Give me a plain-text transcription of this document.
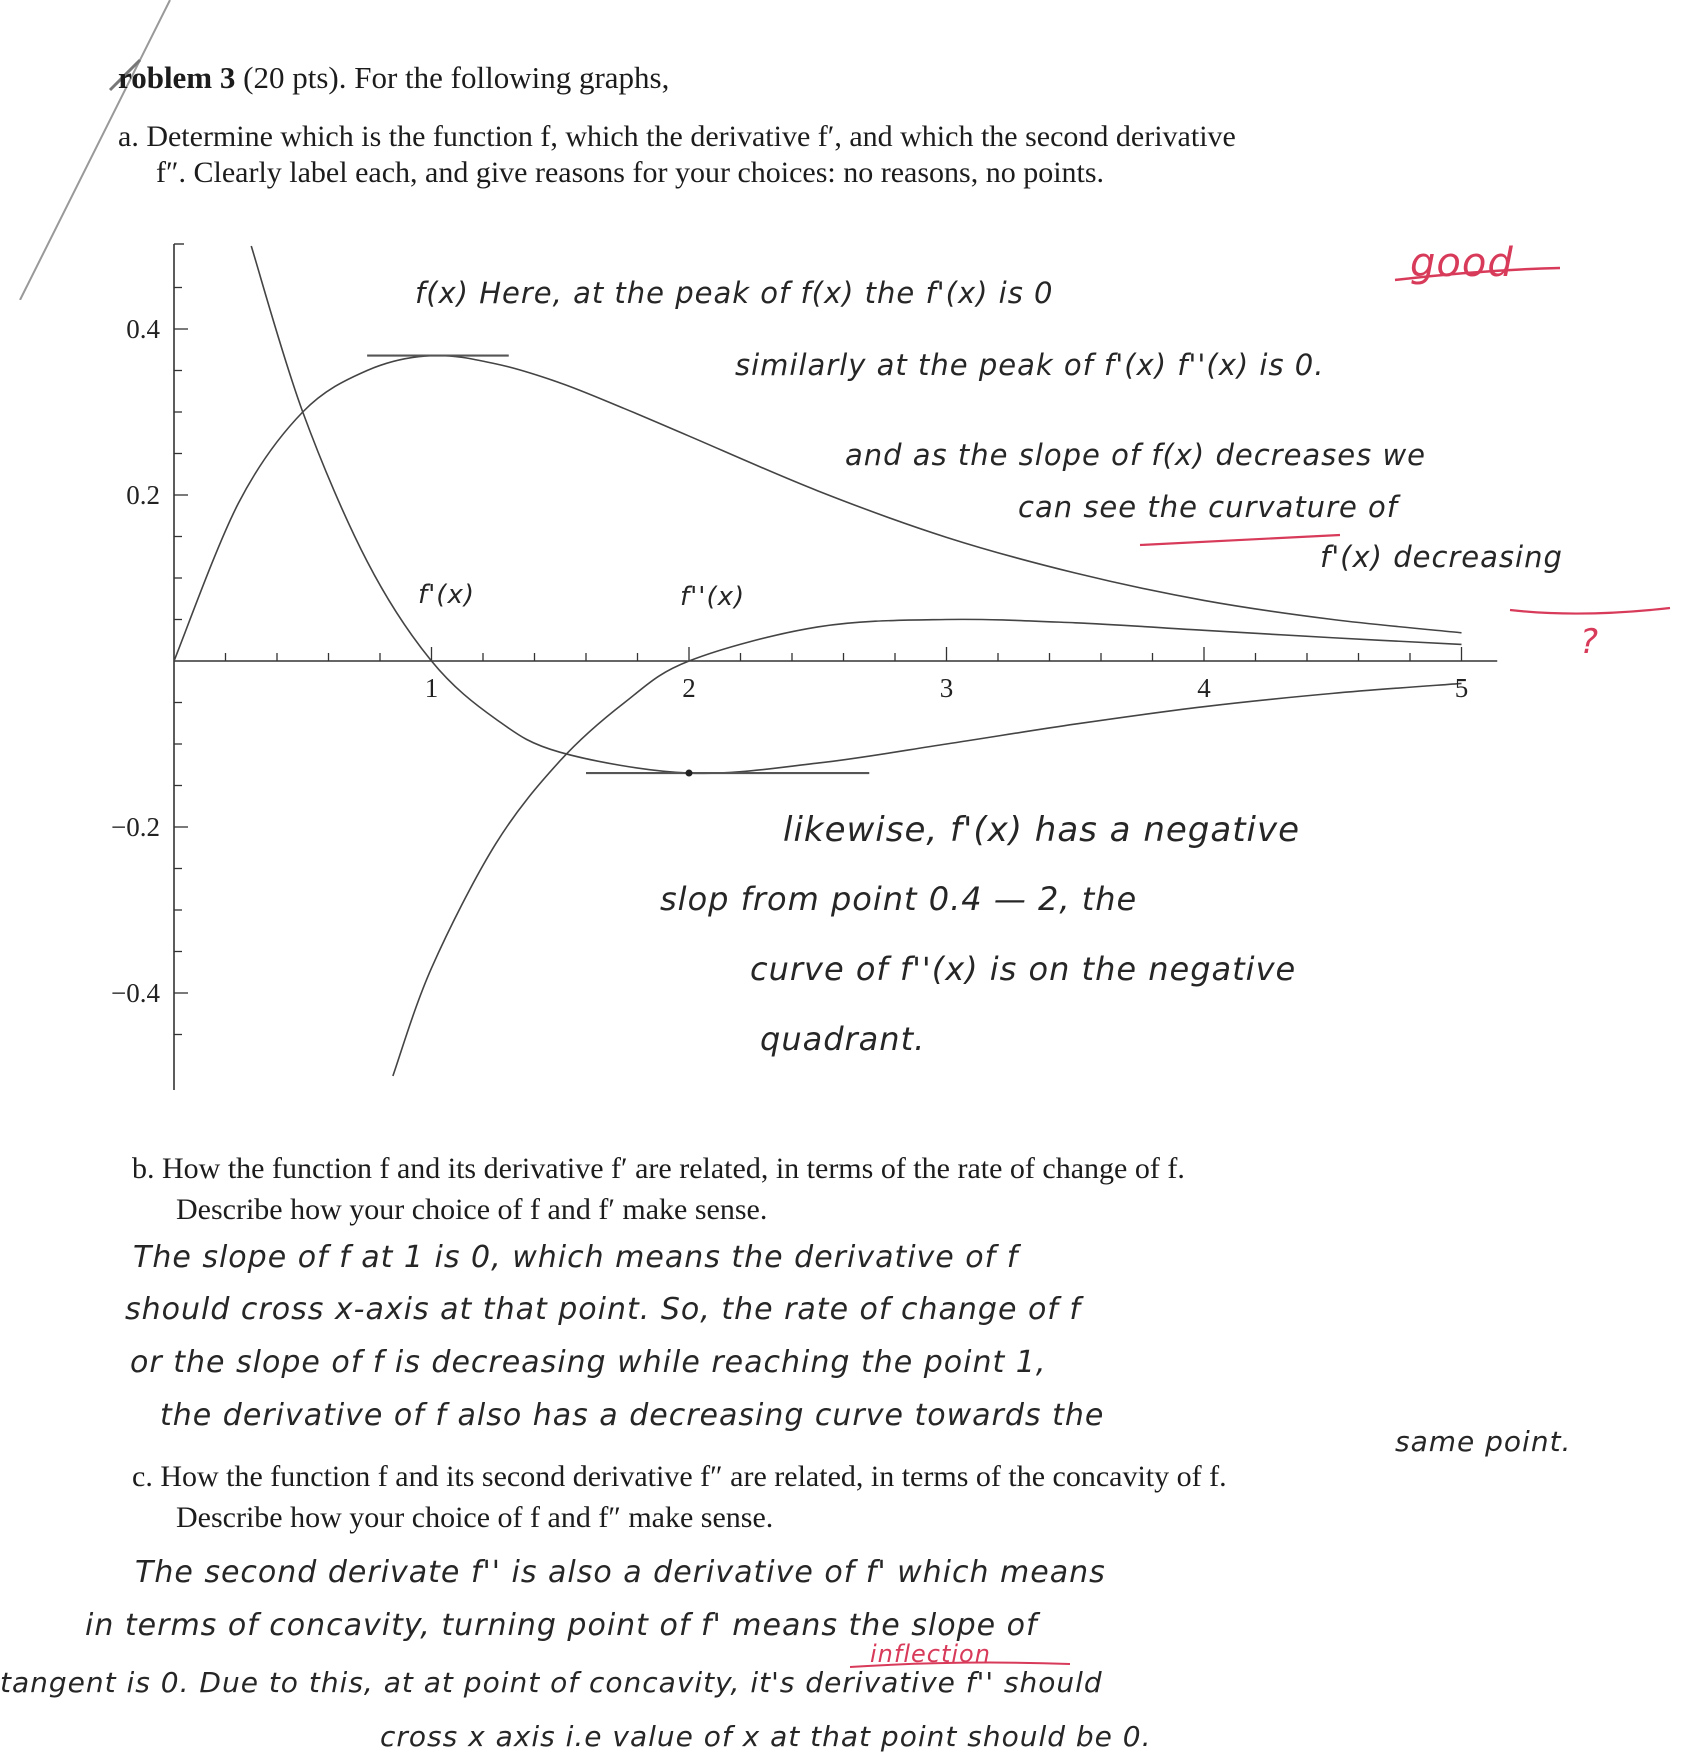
roblem 3 (20 pts). For the following graphs,
a. Determine which is the function f, which the derivative f′, and which the second derivative
f″. Clearly label each, and give reasons for your choices: no reasons, no points.
1	2	3	4	5
0.4
0.2
−0.2
−0.4
f(x) Here, at the peak of f(x) the f'(x) is 0
good
similarly at the peak of f'(x) f''(x) is 0.
and as the slope of f(x) decreases we
can see the curvature of
f'(x) decreasing
?
f'(x)	f''(x)
likewise, f'(x) has a negative
slop from point 0.4 — 2, the
curve of f''(x) is on the negative
quadrant.
b. How the function f and its derivative f′ are related, in terms of the rate of change of f.
Describe how your choice of f and f′ make sense.
The slope of f at 1 is 0, which means the derivative of f
should cross x-axis at that point. So, the rate of change of f
or the slope of f is decreasing while reaching the point 1,
the derivative of f also has a decreasing curve towards the
same point.
c. How the function f and its second derivative f″ are related, in terms of the concavity of f.
Describe how your choice of f and f″ make sense.
The second derivate f'' is also a derivative of f' which means
inflection
in terms of concavity, turning point of f' means the slope of
tangent is 0. Due to this, at at point of concavity, it's derivative f'' should
cross x axis i.e value of x at that point should be 0.
